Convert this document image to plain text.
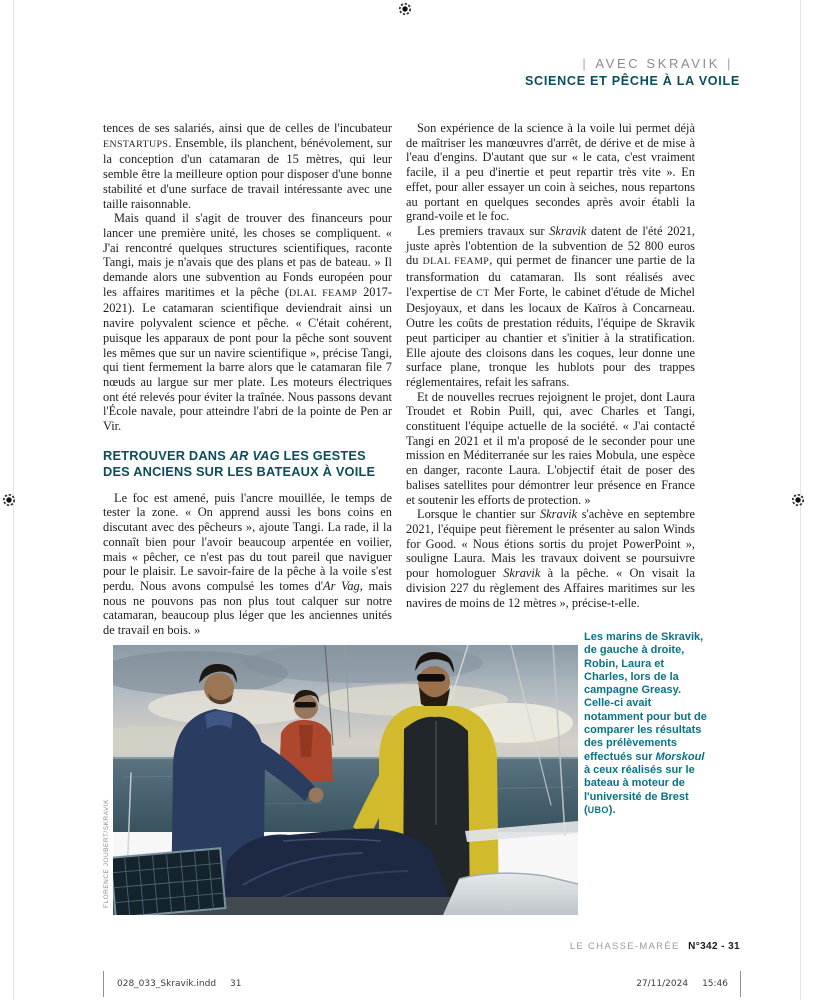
| AVEC SKRAVIK |
SCIENCE ET PÊCHE À LA VOILE

tences de ses salariés, ainsi que de celles de l'incubateur ENSTARTUPS. Ensemble, ils planchent, bénévolement, sur la conception d'un catamaran de 15 mètres, qui leur semble être la meilleure option pour disposer d'une bonne stabilité et d'une surface de travail intéressante avec une taille raisonnable.

Mais quand il s'agit de trouver des financeurs pour lancer une première unité, les choses se compliquent. « J'ai rencontré quelques structures scientifiques, raconte Tangi, mais je n'avais que des plans et pas de bateau. » Il demande alors une subvention au Fonds européen pour les affaires maritimes et la pêche (DLAL FEAMP 2017-2021). Le catamaran scientifique deviendrait ainsi un navire polyvalent science et pêche. « C'était cohérent, puisque les apparaux de pont pour la pêche sont souvent les mêmes que sur un navire scientifique », précise Tangi, qui tient fermement la barre alors que le catamaran file 7 nœuds au largue sur mer plate. Les moteurs électriques ont été relevés pour éviter la traînée. Nous passons devant l'École navale, pour atteindre l'abri de la pointe de Pen ar Vir.

RETROUVER DANS AR VAG LES GESTES DES ANCIENS SUR LES BATEAUX À VOILE

Le foc est amené, puis l'ancre mouillée, le temps de tester la zone. « On apprend aussi les bons coins en discutant avec des pêcheurs », ajoute Tangi. La rade, il la connaît bien pour l'avoir beaucoup arpentée en voilier, mais « pêcher, ce n'est pas du tout pareil que naviguer pour le plaisir. Le savoir-faire de la pêche à la voile s'est perdu. Nous avons compulsé les tomes d'Ar Vag, mais nous ne pouvons pas non plus tout calquer sur notre catamaran, beaucoup plus léger que les anciennes unités de travail en bois. »

Son expérience de la science à la voile lui permet déjà de maîtriser les manœuvres d'arrêt, de dérive et de mise à l'eau d'engins. D'autant que sur « le cata, c'est vraiment facile, il a peu d'inertie et peut repartir très vite ». En effet, pour aller essayer un coin à seiches, nous repartons au portant en quelques secondes après avoir établi la grand-voile et le foc.

Les premiers travaux sur Skravik datent de l'été 2021, juste après l'obtention de la subvention de 52 800 euros du DLAL FEAMP, qui permet de financer une partie de la transformation du catamaran. Ils sont réalisés avec l'expertise de CT Mer Forte, le cabinet d'étude de Michel Desjoyaux, et dans les locaux de Kaïros à Concarneau. Outre les coûts de prestation réduits, l'équipe de Skravik peut participer au chantier et s'initier à la stratification. Elle ajoute des cloisons dans les coques, leur donne une surface plane, tronque les hublots pour des trappes réglementaires, refait les safrans.

Et de nouvelles recrues rejoignent le projet, dont Laura Troudet et Robin Puill, qui, avec Charles et Tangi, constituent l'équipe actuelle de la société. « J'ai contacté Tangi en 2021 et il m'a proposé de le seconder pour une mission en Méditerranée sur les raies Mobula, une espèce en danger, raconte Laura. L'objectif était de poser des balises satellites pour démontrer leur présence en France et soutenir les efforts de protection. »

Lorsque le chantier sur Skravik s'achève en septembre 2021, l'équipe peut fièrement le présenter au salon Winds for Good. « Nous étions sortis du projet PowerPoint », souligne Laura. Mais les travaux doivent se poursuivre pour homologuer Skravik à la pêche. « On visait la division 227 du règlement des Affaires maritimes sur les navires de moins de 12 mètres », précise-t-elle.

FLORENCE JOUBERT/SKRAVIK
Les marins de Skravik, de gauche à droite, Robin, Laura et Charles, lors de la campagne Greasy. Celle-ci avait notamment pour but de comparer les résultats des prélèvements effectués sur Morskoul à ceux réalisés sur le bateau à moteur de l'université de Brest (UBO).
LE CHASSE-MARÉE N°342 - 31
028_033_Skravik.indd 31	27/11/2024 15:46
